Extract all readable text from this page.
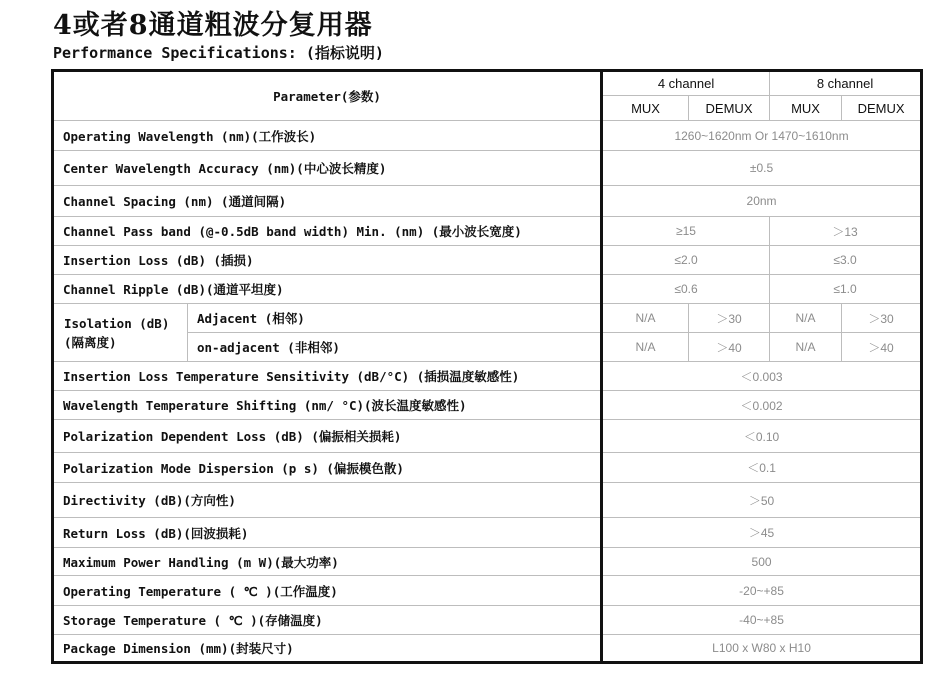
4或者8通道粗波分复用器
Performance Specifications: (指标说明)
Parameter(参数)		4 channel		8 channel	
		MUX	DEMUX	MUX	DEMUX
Operating Wavelength (nm)(工作波长)		1260~1620nm Or 1470~1610nm			
Center Wavelength Accuracy (nm)(中心波长精度)		±0.5			
Channel Spacing (nm) (通道间隔)		20nm			
Channel Pass band (@-0.5dB band width) Min. (nm) (最小波长宽度)		≥15		＞13	
Insertion Loss (dB) (插损)		≤2.0		≤3.0	
Channel Ripple (dB)(通道平坦度)		≤0.6		≤1.0	

Isolation (dB)
(隔离度)	Adjacent (相邻)	N/A	＞30	N/A	＞30
	on-adjacent (非相邻)	N/A	＞40	N/A	＞40
Insertion Loss Temperature Sensitivity (dB/°C) (插损温度敏感性)		＜0.003			
Wavelength Temperature Shifting (nm/ °C)(波长温度敏感性)		＜0.002			
Polarization Dependent Loss (dB) (偏振相关损耗)		＜0.10			
Polarization Mode Dispersion (p s) (偏振模色散)		＜0.1			
Directivity (dB)(方向性)		＞50			
Return Loss (dB)(回波损耗)		＞45			
Maximum Power Handling (m W)(最大功率)		500			
Operating Temperature ( ℃ )(工作温度)		-20~+85			
Storage Temperature ( ℃ )(存储温度)		-40~+85			
Package Dimension (mm)(封装尺寸)		L100 x W80 x H10			
